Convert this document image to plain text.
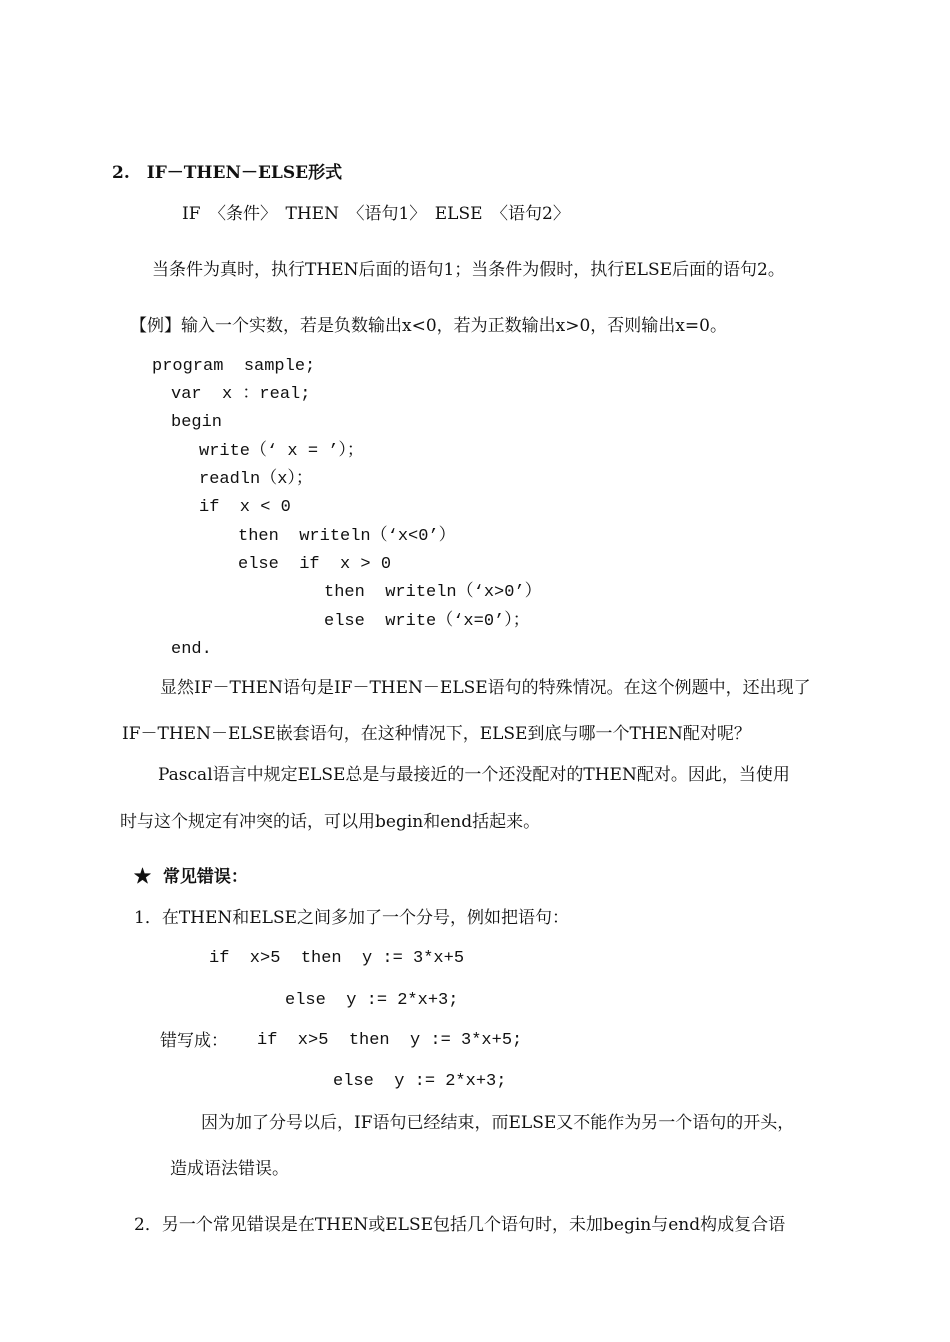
2.　IF－THEN－ELSE形式
IF　〈条件〉　THEN　〈语句1〉　ELSE　〈语句2〉
当条件为真时，执行THEN后面的语句1；当条件为假时，执行ELSE后面的语句2。
【例】输入一个实数，若是负数输出x<0，若为正数输出x>0，否则输出x=0。
program  sample;
var  x ：real;
begin
write（‘ x = ’）；
readln（x）；
if  x < 0
then  writeln（‘x<0’）
else  if  x > 0
then  writeln（‘x>0’）
else  write（‘x=0’）；
end.
显然IF－THEN语句是IF－THEN－ELSE语句的特殊情况。在这个例题中，还出现了
IF－THEN－ELSE嵌套语句，在这种情况下，ELSE到底与哪一个THEN配对呢？
Pascal语言中规定ELSE总是与最接近的一个还没配对的THEN配对。因此，当使用
时与这个规定有冲突的话，可以用begin和end括起来。
★  常见错误：
1．在THEN和ELSE之间多加了一个分号，例如把语句：
if  x>5  then  y := 3*x+5
else  y := 2*x+3;
错写成： if  x>5  then  y := 3*x+5;
else  y := 2*x+3;
因为加了分号以后，IF语句已经结束，而ELSE又不能作为另一个语句的开头，
造成语法错误。
2．另一个常见错误是在THEN或ELSE包括几个语句时，未加begin与end构成复合语
